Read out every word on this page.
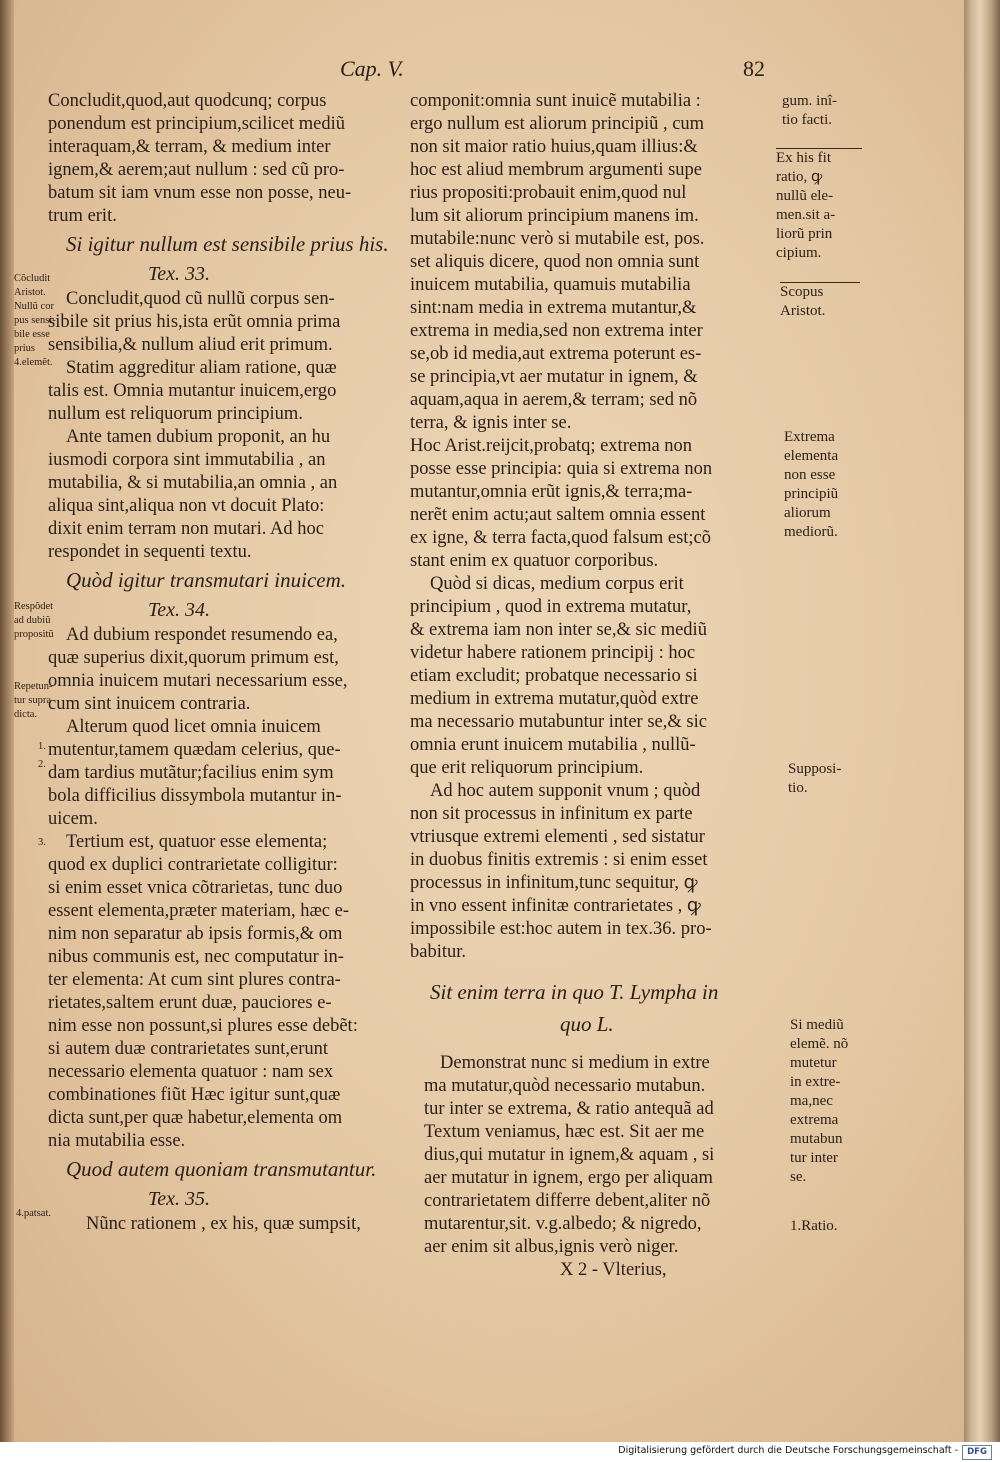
Cap. V.	82
Concludit,quod,aut quodcunq; corpus
ponendum est principium,scilicet mediũ
interaquam,& terram, & medium inter
ignem,& aerem;aut nullum : sed cũ pro-
batum sit iam vnum esse non posse, neu-
trum erit.
Si igitur nullum est sensibile prius his.
Tex. 33.
Concludit,quod cũ nullũ corpus sen-
sibile sit prius his,ista erũt omnia prima
sensibilia,& nullum aliud erit primum.
Statim aggreditur aliam ratione, quæ
talis est. Omnia mutantur inuicem,ergo
nullum est reliquorum principium.
Ante tamen dubium proponit, an hu
iusmodi corpora sint immutabilia , an
mutabilia, & si mutabilia,an omnia , an
aliqua sint,aliqua non vt docuit Plato:
dixit enim terram non mutari. Ad hoc
respondet in sequenti textu.
Quòd igitur transmutari inuicem.
Tex. 34.
Ad dubium respondet resumendo ea,
quæ superius dixit,quorum primum est,
omnia inuicem mutari necessarium esse,
cum sint inuicem contraria.
Alterum quod licet omnia inuicem
mutentur,tamem quædam celerius, que-
dam tardius mutãtur;facilius enim sym
bola difficilius dissymbola mutantur in-
uicem.
Tertium est, quatuor esse elementa;
quod ex duplici contrarietate colligitur:
si enim esset vnica cõtrarietas, tunc duo
essent elementa,præter materiam, hæc e-
nim non separatur ab ipsis formis,& om
nibus communis est, nec computatur in-
ter elementa: At cum sint plures contra-
rietates,saltem erunt duæ, pauciores e-
nim esse non possunt,si plures esse debẽt:
si autem duæ contrarietates sunt,erunt
necessario elementa quatuor : nam sex
combinationes fiũt Hæc igitur sunt,quæ
dicta sunt,per quæ habetur,elementa om
nia mutabilia esse.
Quod autem quoniam transmutantur.
Tex. 35.
Nũnc rationem , ex his, quæ sumpsit,
componit:omnia sunt inuicẽ mutabilia :
ergo nullum est aliorum principiũ , cum
non sit maior ratio huius,quam illius:&
hoc est aliud membrum argumenti supe
rius propositi:probauit enim,quod nul
lum sit aliorum principium manens im.
mutabile:nunc verò si mutabile est, pos.
set aliquis dicere, quod non omnia sunt
inuicem mutabilia, quamuis mutabilia
sint:nam media in extrema mutantur,&
extrema in media,sed non extrema inter
se,ob id media,aut extrema poterunt es-
se principia,vt aer mutatur in ignem, &
aquam,aqua in aerem,& terram; sed nõ
terra, & ignis inter se.
Hoc Arist.reijcit,probatq; extrema non
posse esse principia: quia si extrema non
mutantur,omnia erũt ignis,& terra;ma-
nerẽt enim actu;aut saltem omnia essent
ex igne, & terra facta,quod falsum est;cõ
stant enim ex quatuor corporibus.
Quòd si dicas, medium corpus erit
principium , quod in extrema mutatur,
& extrema iam non inter se,& sic mediũ
videtur habere rationem principij : hoc
etiam excludit; probatque necessario si
medium in extrema mutatur,quòd extre
ma necessario mutabuntur inter se,& sic
omnia erunt inuicem mutabilia , nullũ-
que erit reliquorum principium.
Ad hoc autem supponit vnum ; quòd
non sit processus in infinitum ex parte
vtriusque extremi elementi , sed sistatur
in duobus finitis extremis : si enim esset
processus in infinitum,tunc sequitur, ꝙ
in vno essent infinitæ contrarietates , ꝙ
impossibile est:hoc autem in tex.36. pro-
babitur.
Sit enim terra in quo T. Lympha in
quo L.
Demonstrat nunc si medium in extre
ma mutatur,quòd necessario mutabun.
tur inter se extrema, & ratio antequã ad
Textum veniamus, hæc est. Sit aer me
dius,qui mutatur in ignem,& aquam , si
aer mutatur in ignem, ergo per aliquam
contrarietatem differre debent,aliter nõ
mutarentur,sit. v.g.albedo; & nigredo,
aer enim sit albus,ignis verò niger.
X 2 - Vlterius,
Cõcludit
Aristot.
Nullũ cor
pus sensi-
bile esse
prius
4.elemẽt.
Respõdet
ad dubiũ
propositũ
Repetun-
tur supra
dicta.
1.
2.
3.
4.patsat.
gum. inî-
tio facti.
Ex his fit
ratio, ꝙ
nullũ ele-
men.sit a-
liorũ prin
cipium.
Scopus
Aristot.
Extrema
elementa
non esse
principiũ
aliorum
mediorũ.
Supposi-
tio.
Si mediũ
elemẽ. nõ
mutetur
in extre-
ma,nec
extrema
mutabun
tur inter
se.
1.Ratio.
Digitalisierung gefördert durch die Deutsche Forschungsgemeinschaft -	DFG
